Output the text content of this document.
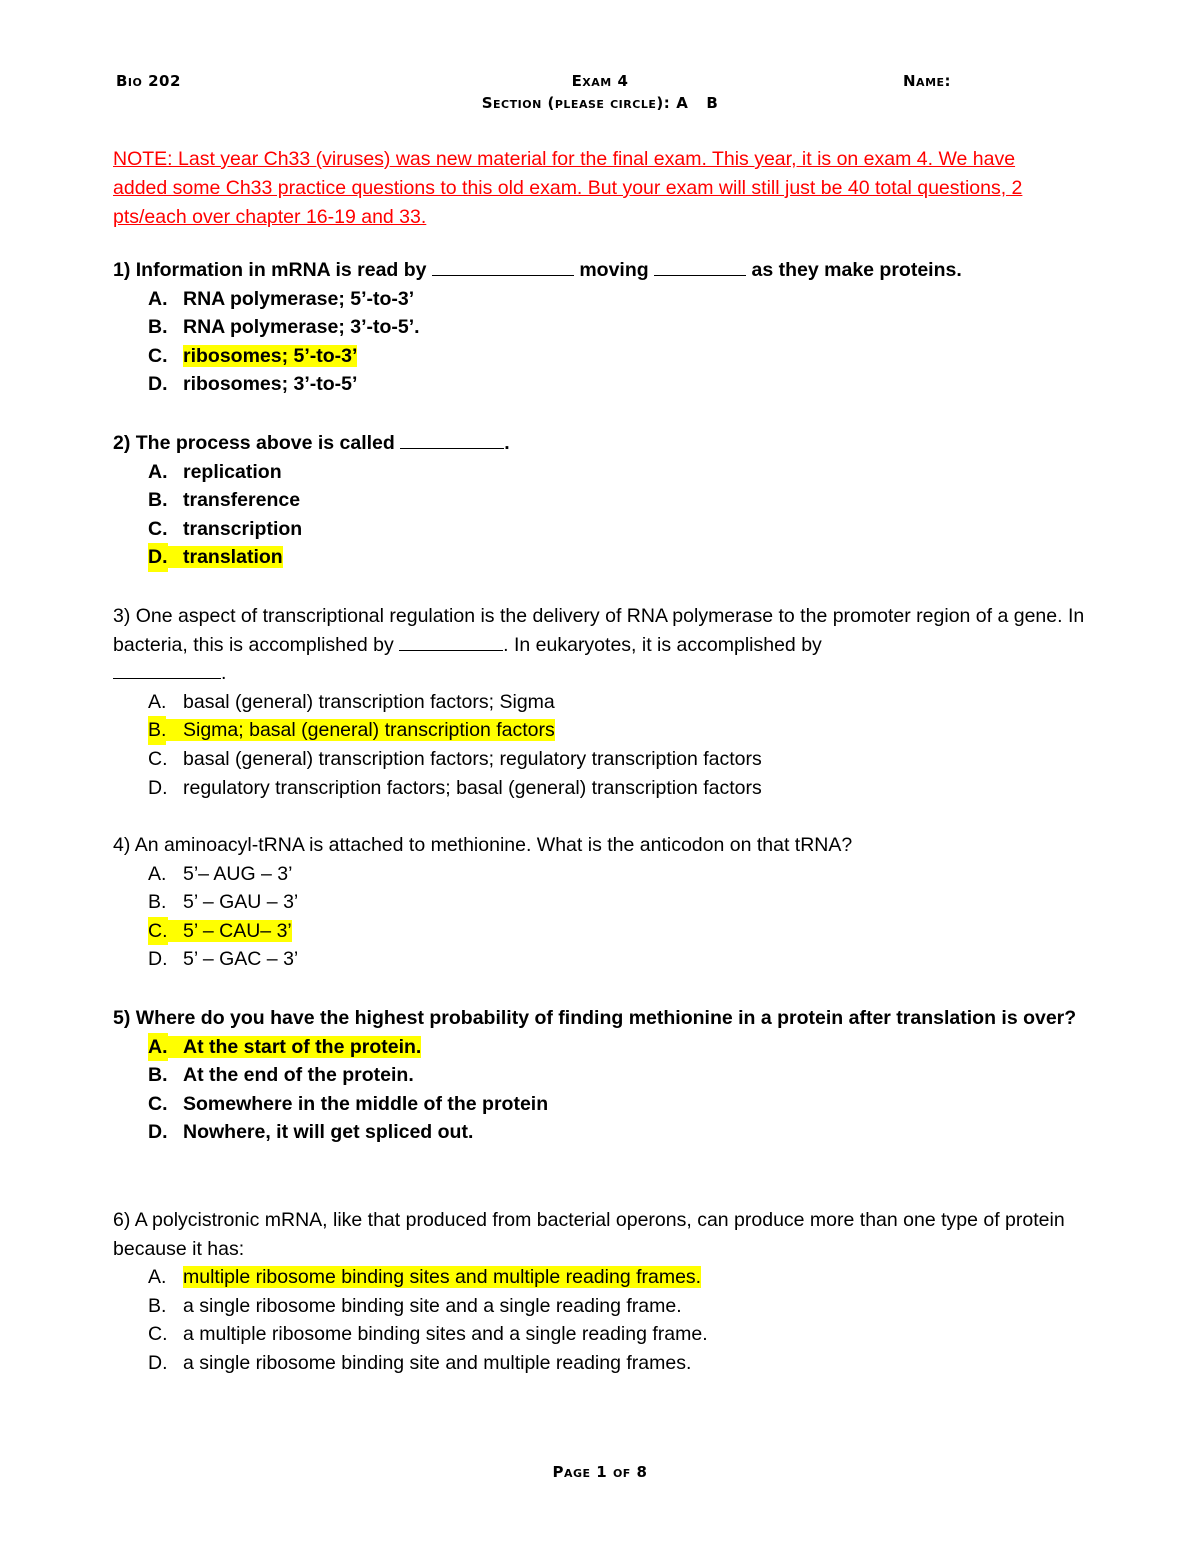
Bio 202	Exam 4	Name:
Section (please circle): A B
NOTE: Last year Ch33 (viruses) was new material for the final exam. This year, it is on exam 4. We have added some Ch33 practice questions to this old exam. But your exam will still just be 40 total questions, 2 pts/each over chapter 16-19 and 33.

1) Information in mRNA is read by	moving	as they make proteins.

A. RNA polymerase; 5’-to-3’
B. RNA polymerase; 3’-to-5’.
C. ribosomes; 5’-to-3’
D. ribosomes; 3’-to-5’

2) The process above is called	.

A. replication
B. transference
C. transcription
D. translation

3) One aspect of transcriptional regulation is the delivery of RNA polymerase to the promoter region of a gene. In bacteria, this is accomplished by	. In eukaryotes, it is accomplished by
.

A. basal (general) transcription factors; Sigma
B. Sigma; basal (general) transcription factors
C. basal (general) transcription factors; regulatory transcription factors
D. regulatory transcription factors; basal (general) transcription factors

4) An aminoacyl-tRNA is attached to methionine. What is the anticodon on that tRNA?

A. 5’– AUG – 3’
B. 5’ – GAU – 3’
C. 5’ – CAU– 3’
D. 5’ – GAC – 3’

5) Where do you have the highest probability of finding methionine in a protein after translation is over?

A. At the start of the protein.
B. At the end of the protein.
C. Somewhere in the middle of the protein
D. Nowhere, it will get spliced out.

6) A polycistronic mRNA, like that produced from bacterial operons, can produce more than one type of protein because it has:

A. multiple ribosome binding sites and multiple reading frames.
B. a single ribosome binding site and a single reading frame.
C. a multiple ribosome binding sites and a single reading frame.
D. a single ribosome binding site and multiple reading frames.
Page 1 of 8
